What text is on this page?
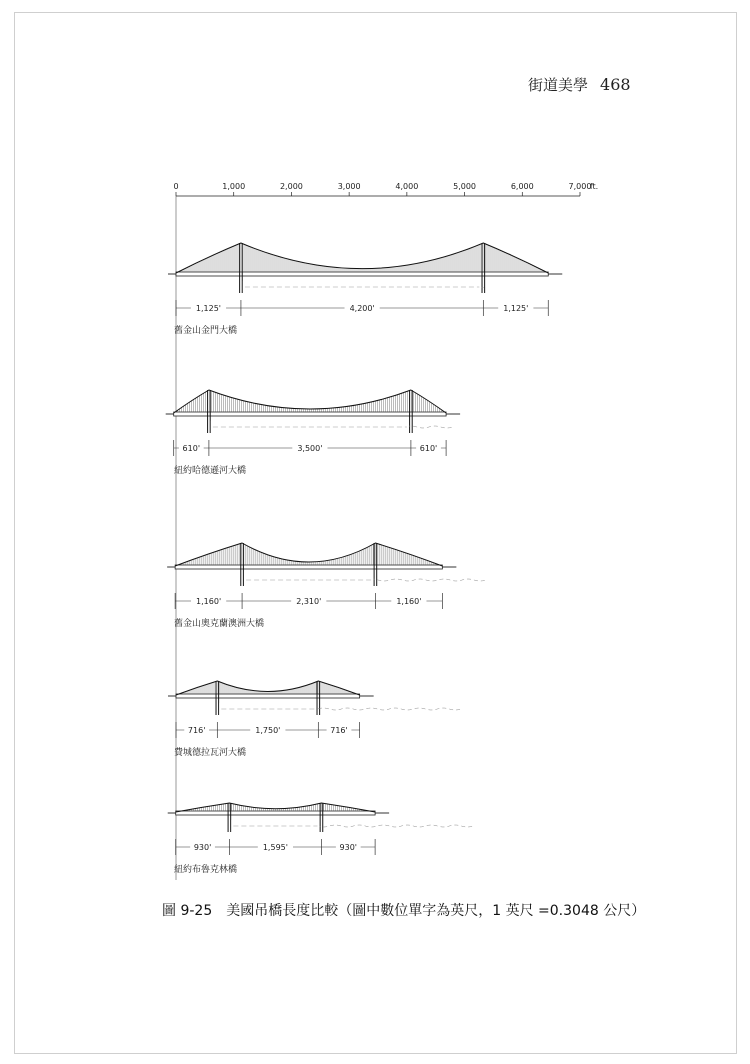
街道美學 468
0	1,000	2,000	3,000	4,000	5,000	6,000	7,000
ft.
1,125'	4,200'	1,125'
舊金山金門大橋
610'	3,500'	610'
紐約哈德遜河大橋
1,160'	2,310'	1,160'
舊金山奧克蘭澳洲大橋
716'	1,750'	716'
費城德拉瓦河大橋
930'	1,595'	930'
紐約布魯克林橋
圖 9-25 美國吊橋長度比較（圖中數位單字為英尺，1 英尺 =0.3048 公尺）
